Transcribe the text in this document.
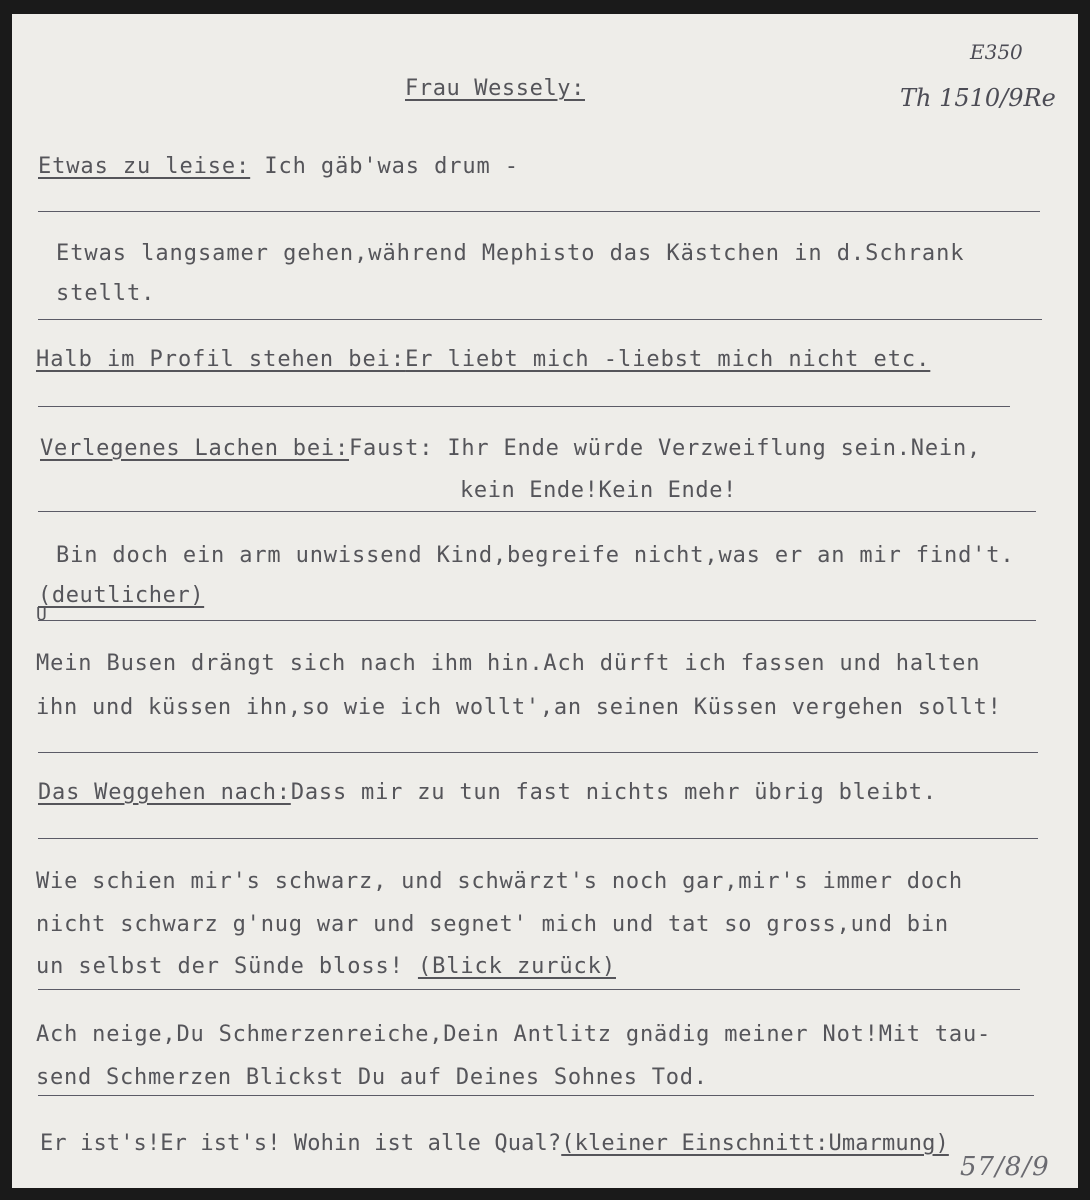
E350
Th 1510/9Re
57/8/9
Frau Wessely:
Etwas zu leise: Ich gäb'was drum -
Etwas langsamer gehen,während Mephisto das Kästchen in d.Schrank
stellt.
Halb im Profil stehen bei:Er liebt mich -liebst mich nicht etc.
Verlegenes Lachen bei:Faust: Ihr Ende würde Verzweiflung sein.Nein,
kein Ende!Kein Ende!
Bin doch ein arm unwissend Kind,begreife nicht,was er an mir find't.
(deutlicher)
U
Mein Busen drängt sich nach ihm hin.Ach dürft ich fassen und halten
ihn und küssen ihn,so wie ich wollt',an seinen Küssen vergehen sollt!
Das Weggehen nach:Dass mir zu tun fast nichts mehr übrig bleibt.
Wie schien mir's schwarz, und schwärzt's noch gar,mir's immer doch
nicht schwarz g'nug war und segnet' mich und tat so gross,und bin
un selbst der Sünde bloss! (Blick zurück)
Ach neige,Du Schmerzenreiche,Dein Antlitz gnädig meiner Not!Mit tau-
send Schmerzen Blickst Du auf Deines Sohnes Tod.
Er ist's!Er ist's! Wohin ist alle Qual?(kleiner Einschnitt:Umarmung)
